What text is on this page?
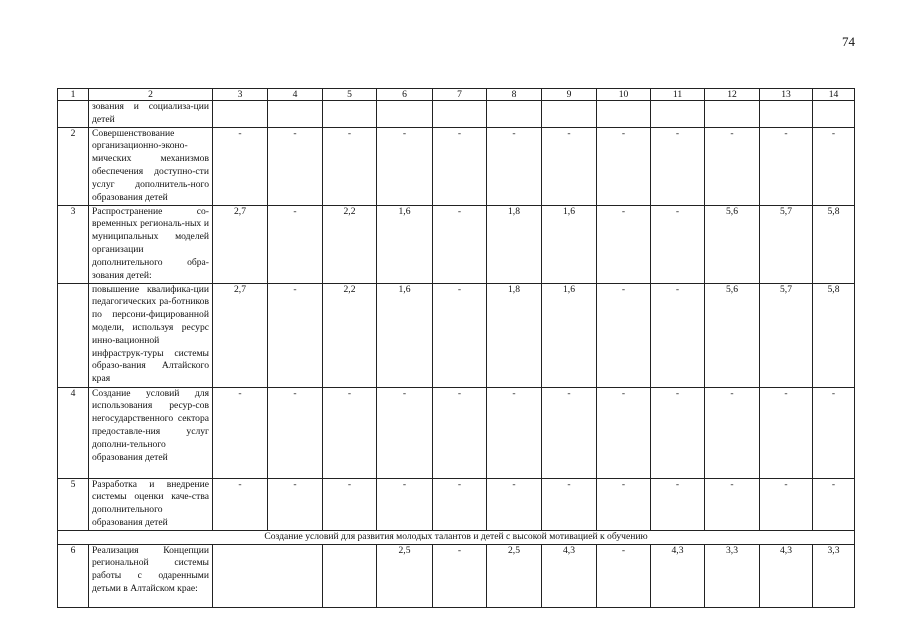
74
1	2	3	4	5	6	7	8	9	10	11	12	13	14
	зования и социализа-ции детей												
2	Совершенствование организационно-эконо-мических механизмов обеспечения доступно-сти услуг дополнитель-ного образования детей	-	-	-	-	-	-	-	-	-	-	-	-
3	Распространение со-временных региональ-ных и муниципальных моделей организации дополнительного обра-зования детей:	2,7	-	2,2	1,6	-	1,8	1,6	-	-	5,6	5,7	5,8
	повышение квалифика-ции педагогических ра-ботников по персони-фицированной модели, используя ресурс инно-вационной инфраструк-туры системы образо-вания Алтайского края	2,7	-	2,2	1,6	-	1,8	1,6	-	-	5,6	5,7	5,8
4	Создание условий для использования ресур-сов негосударственного сектора предоставле-ния услуг дополни-тельного образования детей	-	-	-	-	-	-	-	-	-	-	-	-
5	Разработка и внедрение системы оценки каче-ства дополнительного образования детей	-	-	-	-	-	-	-	-	-	-	-	-
Создание условий для развития молодых талантов и детей с высокой мотивацией к обучению													
6	Реализация Концепции региональной системы работы с одаренными детьми в Алтайском крае:				2,5	-	2,5	4,3	-	4,3	3,3	4,3	3,3
